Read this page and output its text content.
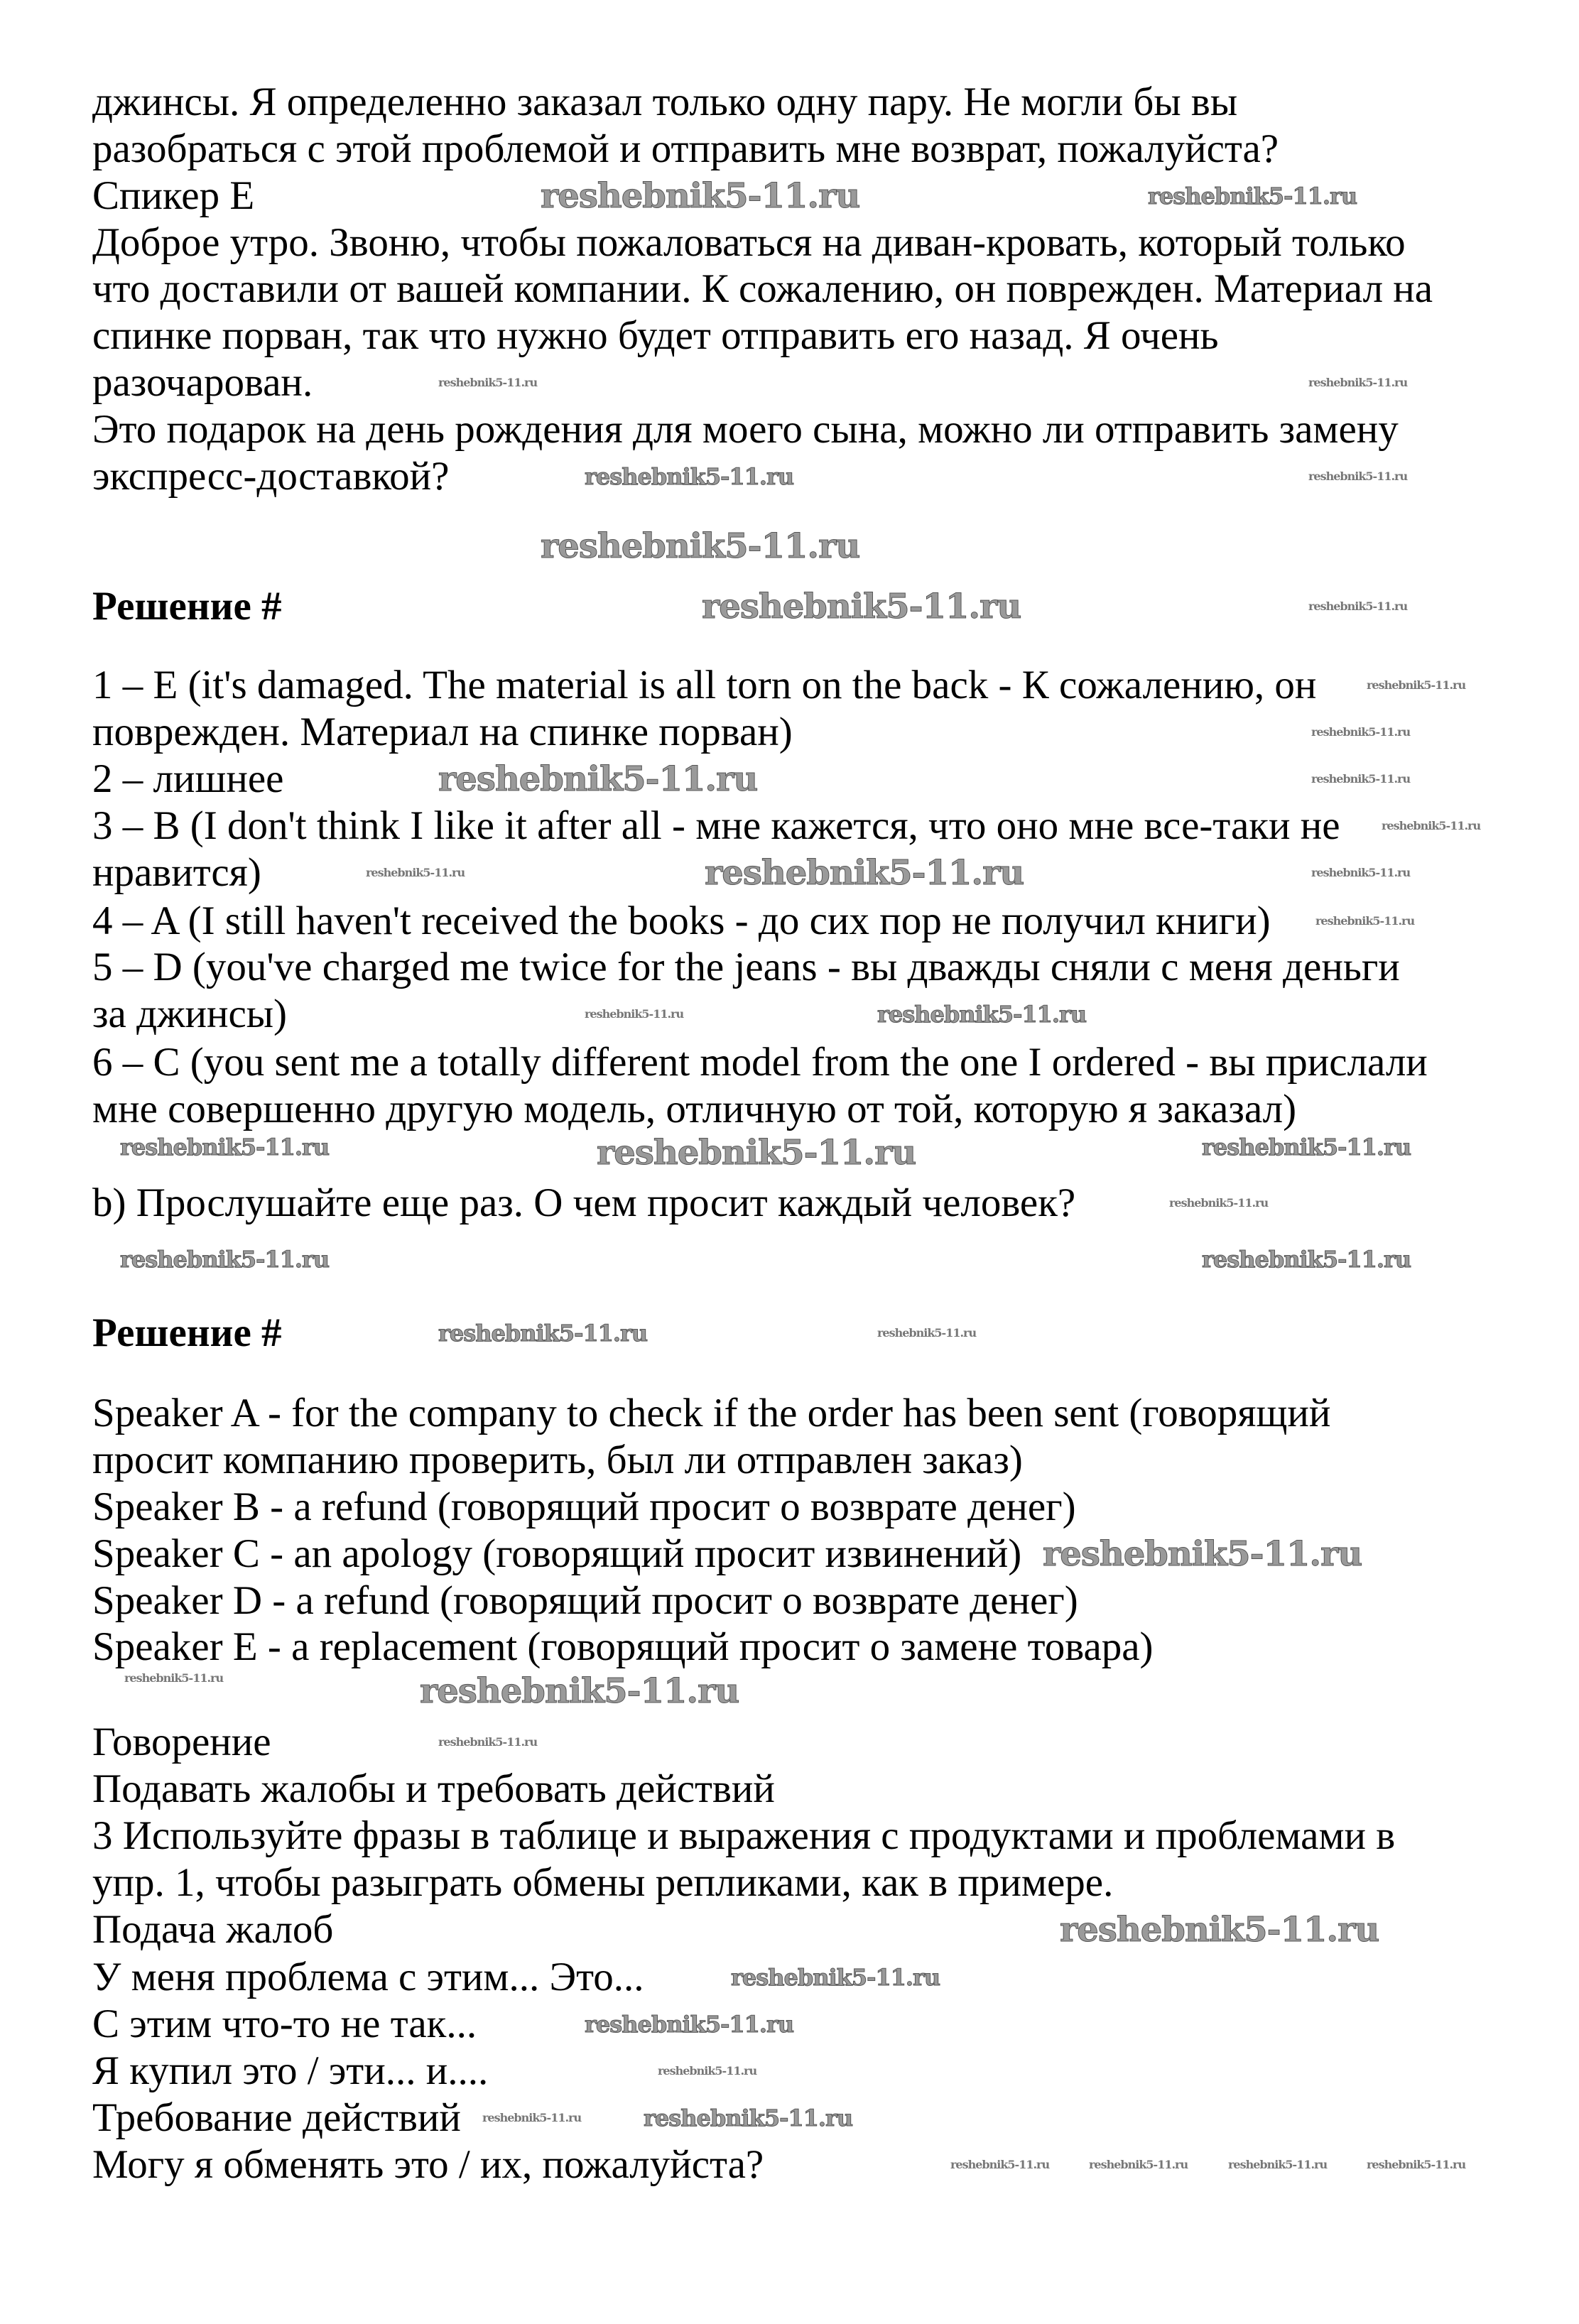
джинсы. Я определенно заказал только одну пару. Не могли бы вы
разобраться с этой проблемой и отправить мне возврат, пожалуйста?
Спикер E
Доброе утро. Звоню, чтобы пожаловаться на диван-кровать, который только
что доставили от вашей компании. К сожалению, он поврежден. Материал на
спинке порван, так что нужно будет отправить его назад. Я очень
разочарован.
Это подарок на день рождения для моего сына, можно ли отправить замену
экспресс-доставкой?
Решение #
1 – E (it's damaged. The material is all torn on the back - К сожалению, он
поврежден. Материал на спинке порван)
2 – лишнее
3 – B (I don't think I like it after all - мне кажется, что оно мне все-таки не
нравится)
4 – A (I still haven't received the books - до сих пор не получил книги)
5 – D (you've charged me twice for the jeans - вы дважды сняли с меня деньги
за джинсы)
6 – C (you sent me a totally different model from the one I ordered - вы прислали
мне совершенно другую модель, отличную от той, которую я заказал)
b) Прослушайте еще раз. О чем просит каждый человек?
Решение #
Speaker A - for the company to check if the order has been sent (говорящий
просит компанию проверить, был ли отправлен заказ)
Speaker B - a refund (говорящий просит о возврате денег)
Speaker C - an apology (говорящий просит извинений)
Speaker D - a refund (говорящий просит о возврате денег)
Speaker E - a replacement (говорящий просит о замене товара)
Говорение
Подавать жалобы и требовать действий
3 Используйте фразы в таблице и выражения с продуктами и проблемами в
упр. 1, чтобы разыграть обмены репликами, как в примере.
Подача жалоб
У меня проблема с этим... Это...
С этим что-то не так...
Я купил это / эти... и....
Требование действий
Могу я обменять это / их, пожалуйста?
reshebnik5-11.ru	reshebnik5-11.ru
reshebnik5-11.ru	reshebnik5-11.ru
reshebnik5-11.ru	reshebnik5-11.ru
reshebnik5-11.ru
reshebnik5-11.ru	reshebnik5-11.ru
reshebnik5-11.ru
reshebnik5-11.ru
reshebnik5-11.ru	reshebnik5-11.ru
reshebnik5-11.ru
reshebnik5-11.ru	reshebnik5-11.ru	reshebnik5-11.ru
reshebnik5-11.ru
reshebnik5-11.ru	reshebnik5-11.ru
reshebnik5-11.ru	reshebnik5-11.ru	reshebnik5-11.ru
reshebnik5-11.ru	reshebnik5-11.ru
reshebnik5-11.ru
reshebnik5-11.ru	reshebnik5-11.ru
reshebnik5-11.ru
reshebnik5-11.ru	reshebnik5-11.ru
reshebnik5-11.ru
reshebnik5-11.ru
reshebnik5-11.ru
reshebnik5-11.ru
reshebnik5-11.ru
reshebnik5-11.ru	reshebnik5-11.ru
reshebnik5-11.ru	reshebnik5-11.ru	reshebnik5-11.ru	reshebnik5-11.ru
